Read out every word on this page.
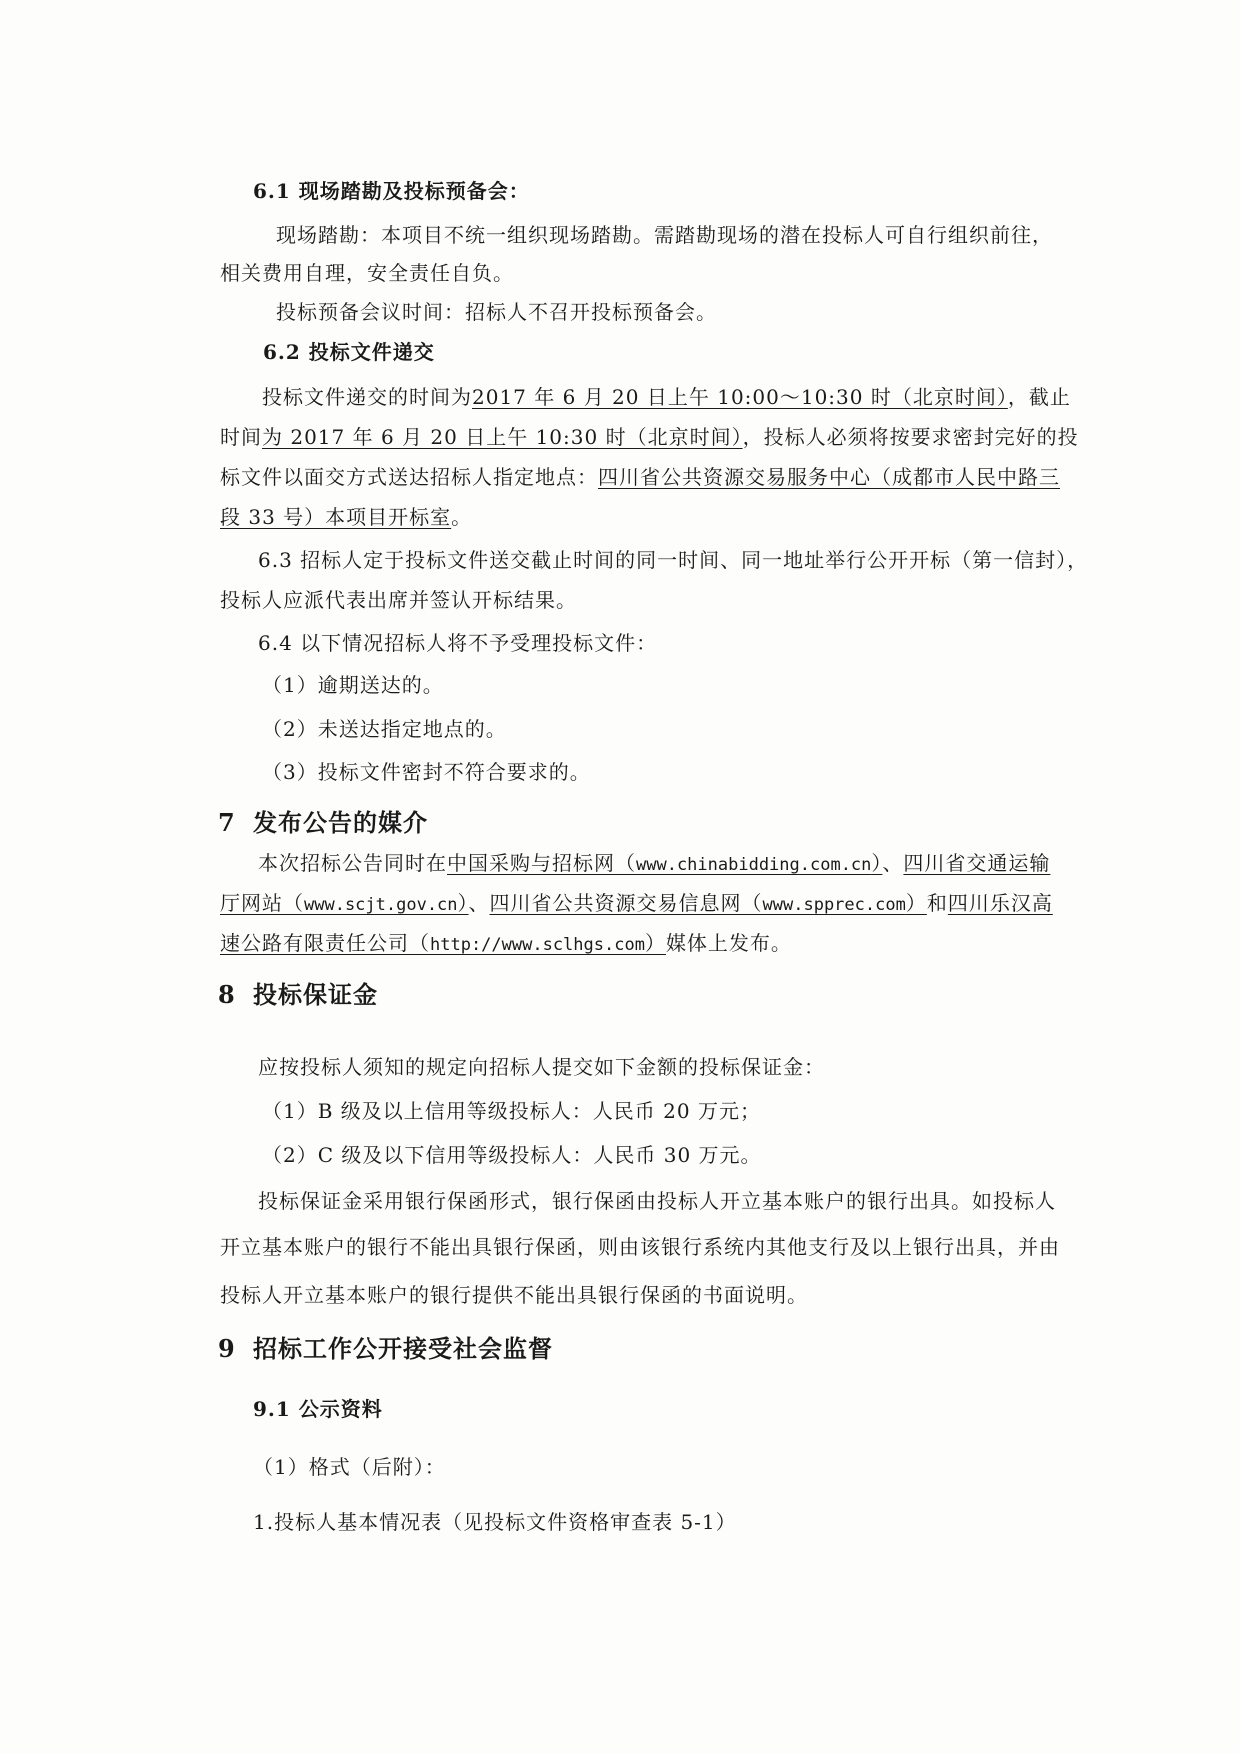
6.1 现场踏勘及投标预备会：
现场踏勘：本项目不统一组织现场踏勘。需踏勘现场的潜在投标人可自行组织前往，
相关费用自理，安全责任自负。
投标预备会议时间：招标人不召开投标预备会。
6.2 投标文件递交
投标文件递交的时间为2017 年 6 月 20 日上午 10:00～10:30 时（北京时间），截止
时间为 2017 年 6 月 20 日上午 10:30 时（北京时间），投标人必须将按要求密封完好的投
标文件以面交方式送达招标人指定地点：四川省公共资源交易服务中心（成都市人民中路三
段 33 号）本项目开标室。
6.3 招标人定于投标文件送交截止时间的同一时间、同一地址举行公开开标（第一信封），
投标人应派代表出席并签认开标结果。
6.4 以下情况招标人将不予受理投标文件：
（1）逾期送达的。
（2）未送达指定地点的。
（3）投标文件密封不符合要求的。
7 发布公告的媒介
本次招标公告同时在中国采购与招标网（www.chinabidding.com.cn）、四川省交通运输
厅网站（www.scjt.gov.cn）、四川省公共资源交易信息网（www.spprec.com）和四川乐汉高
速公路有限责任公司（http://www.sclhgs.com）媒体上发布。
8 投标保证金
应按投标人须知的规定向招标人提交如下金额的投标保证金：
（1）B 级及以上信用等级投标人：人民币 20 万元；
（2）C 级及以下信用等级投标人：人民币 30 万元。
投标保证金采用银行保函形式，银行保函由投标人开立基本账户的银行出具。如投标人
开立基本账户的银行不能出具银行保函，则由该银行系统内其他支行及以上银行出具，并由
投标人开立基本账户的银行提供不能出具银行保函的书面说明。
9 招标工作公开接受社会监督
9.1 公示资料
（1）格式（后附）：
1.投标人基本情况表（见投标文件资格审查表 5-1）
